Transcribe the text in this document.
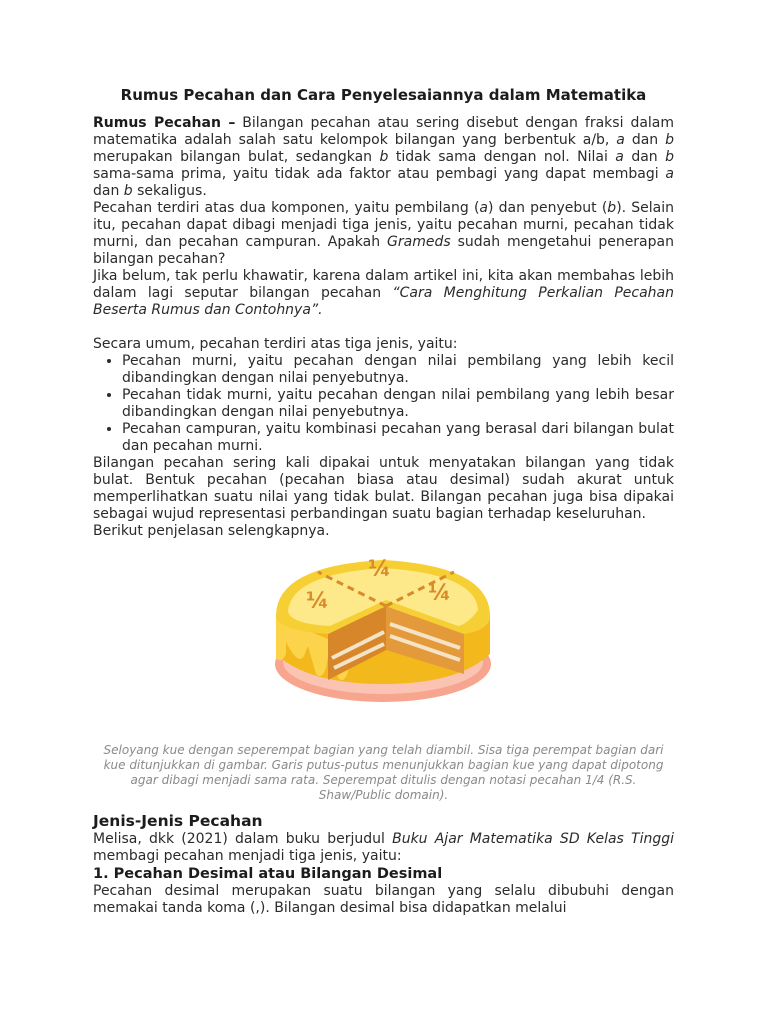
Rumus Pecahan dan Cara Penyelesaiannya dalam Matematika

Rumus Pecahan – Bilangan pecahan atau sering disebut dengan fraksi dalam matematika adalah salah satu kelompok bilangan yang berbentuk a/b, a dan b merupakan bilangan bulat, sedangkan b tidak sama dengan nol. Nilai a dan b sama-sama prima, yaitu tidak ada faktor atau pembagi yang dapat membagi a dan b sekaligus.

Pecahan terdiri atas dua komponen, yaitu pembilang (a) dan penyebut (b). Selain itu, pecahan dapat dibagi menjadi tiga jenis, yaitu pecahan murni, pecahan tidak murni, dan pecahan campuran. Apakah Grameds sudah mengetahui penerapan bilangan pecahan?

Jika belum, tak perlu khawatir, karena dalam artikel ini, kita akan membahas lebih dalam lagi seputar bilangan pecahan “Cara Menghitung Perkalian Pecahan Beserta Rumus dan Contohnya”.

Secara umum, pecahan terdiri atas tiga jenis, yaitu:

• Pecahan murni, yaitu pecahan dengan nilai pembilang yang lebih kecil dibandingkan dengan nilai penyebutnya.
• Pecahan tidak murni, yaitu pecahan dengan nilai pembilang yang lebih besar dibandingkan dengan nilai penyebutnya.
• Pecahan campuran, yaitu kombinasi pecahan yang berasal dari bilangan bulat dan pecahan murni.

Bilangan pecahan sering kali dipakai untuk menyatakan bilangan yang tidak bulat. Bentuk pecahan (pecahan biasa atau desimal) sudah akurat untuk memperlihatkan suatu nilai yang tidak bulat. Bilangan pecahan juga bisa dipakai sebagai wujud representasi perbandingan suatu bagian terhadap keseluruhan.

Berikut penjelasan selengkapnya.

¼
¼
¼

Seloyang kue dengan seperempat bagian yang telah diambil. Sisa tiga perempat bagian dari kue ditunjukkan di gambar. Garis putus-putus menunjukkan bagian kue yang dapat dipotong agar dibagi menjadi sama rata. Seperempat ditulis dengan notasi pecahan 1/4 (R.S. Shaw/Public domain).

Jenis-Jenis Pecahan

Melisa, dkk (2021) dalam buku berjudul Buku Ajar Matematika SD Kelas Tinggi membagi pecahan menjadi tiga jenis, yaitu:

1. Pecahan Desimal atau Bilangan Desimal

Pecahan desimal merupakan suatu bilangan yang selalu dibubuhi dengan memakai tanda koma (,). Bilangan desimal bisa didapatkan melalui
